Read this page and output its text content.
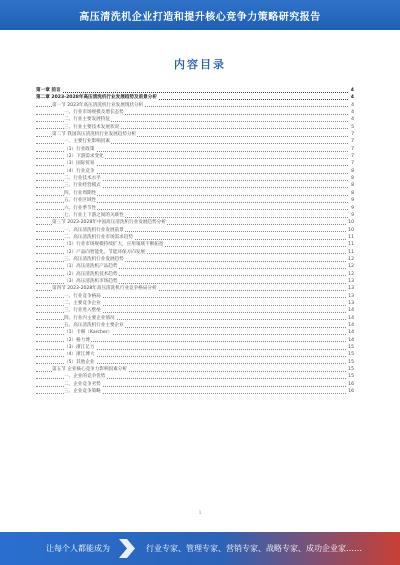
高压清洗机企业打造和提升核心竞争力策略研究报告
内容目录
第一章 前言	4
第二章 2023-2028年高压清洗机行业发展趋势及前景分析	4
第一节 2023年高压清洗机行业发展现状分析	4
一、行业市场规模及增长态势	4
二、行业主要发展特征	4
三、行业主要技术发展状况	5
第二节 我国高压清洗机行业发展趋势分析	7
一、主要行业影响因素	7
（1）行业政策	7
（2）下游需求变化	7
（3）国际贸易	7
（4）行业竞争	8
二、行业技术水平	8
三、行业经营模式	8
四、行业周期性	8
五、行业区域性	9
六、行业季节性	9
七、行业上下游之间的关联性	9
第三节 2023-2028年中国高压清洗机行业发展趋势分析	10
一、高压清洗机行业发展前景	10
二、高压清洗机行业市场需求趋势	11
（1）行业市场规模持续扩大，应用领域不断拓宽	11
（2）产品向智能化、节能环保方向发展	11
三、高压清洗机行业发展趋势	12
（1）高压清洗机产品趋势	12
（2）高压清洗机技术趋势	12
（3）高压清洗机市场趋势	13
第四节 2023-2028年高压清洗机行业竞争格局分析	13
一、行业竞争格局	13
二、主要竞争企业	13
三、行业进入壁垒	14
四、行业内主要企业情况	14
五、高压清洗机行业主要企业	14
（1）卡赫（Karcher）	14
（2）格力博	14
（3）浙江亿力	15
（4）浙江博大	15
（5）其他企业	15
第五节 企业核心竞争力影响因素分析	15
一、企业的竞争优势	15
二、企业竞争劣势	16
三、企业竞争策略	16
1
让每个人都能成为	行业专家、管理专家、营销专家、战略专家、成功企业家……
